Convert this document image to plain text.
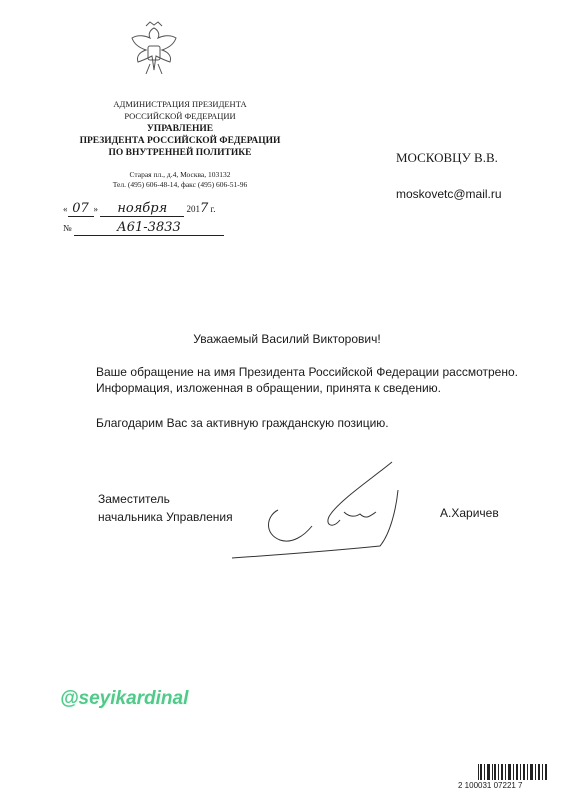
АДМИНИСТРАЦИЯ ПРЕЗИДЕНТА
РОССИЙСКОЙ ФЕДЕРАЦИИ
УПРАВЛЕНИЕ
ПРЕЗИДЕНТА РОССИЙСКОЙ ФЕДЕРАЦИИ
ПО ВНУТРЕННЕЙ ПОЛИТИКЕ
Старая пл., д.4, Москва, 103132
Тел. (495) 606-48-14, факс (495) 606-51-96
« 07 » ноября 2017 г.
№	А61-3833
МОСКОВЦУ В.В.
moskovetc@mail.ru
Уважаемый Василий Викторович!
Ваше обращение на имя Президента Российской Федерации рассмотрено. Информация, изложенная в обращении, принята к сведению.
Благодарим Вас за активную гражданскую позицию.
Заместитель
начальника Управления	А.Харичев
@seyikardinal
2 100031 07221 7
